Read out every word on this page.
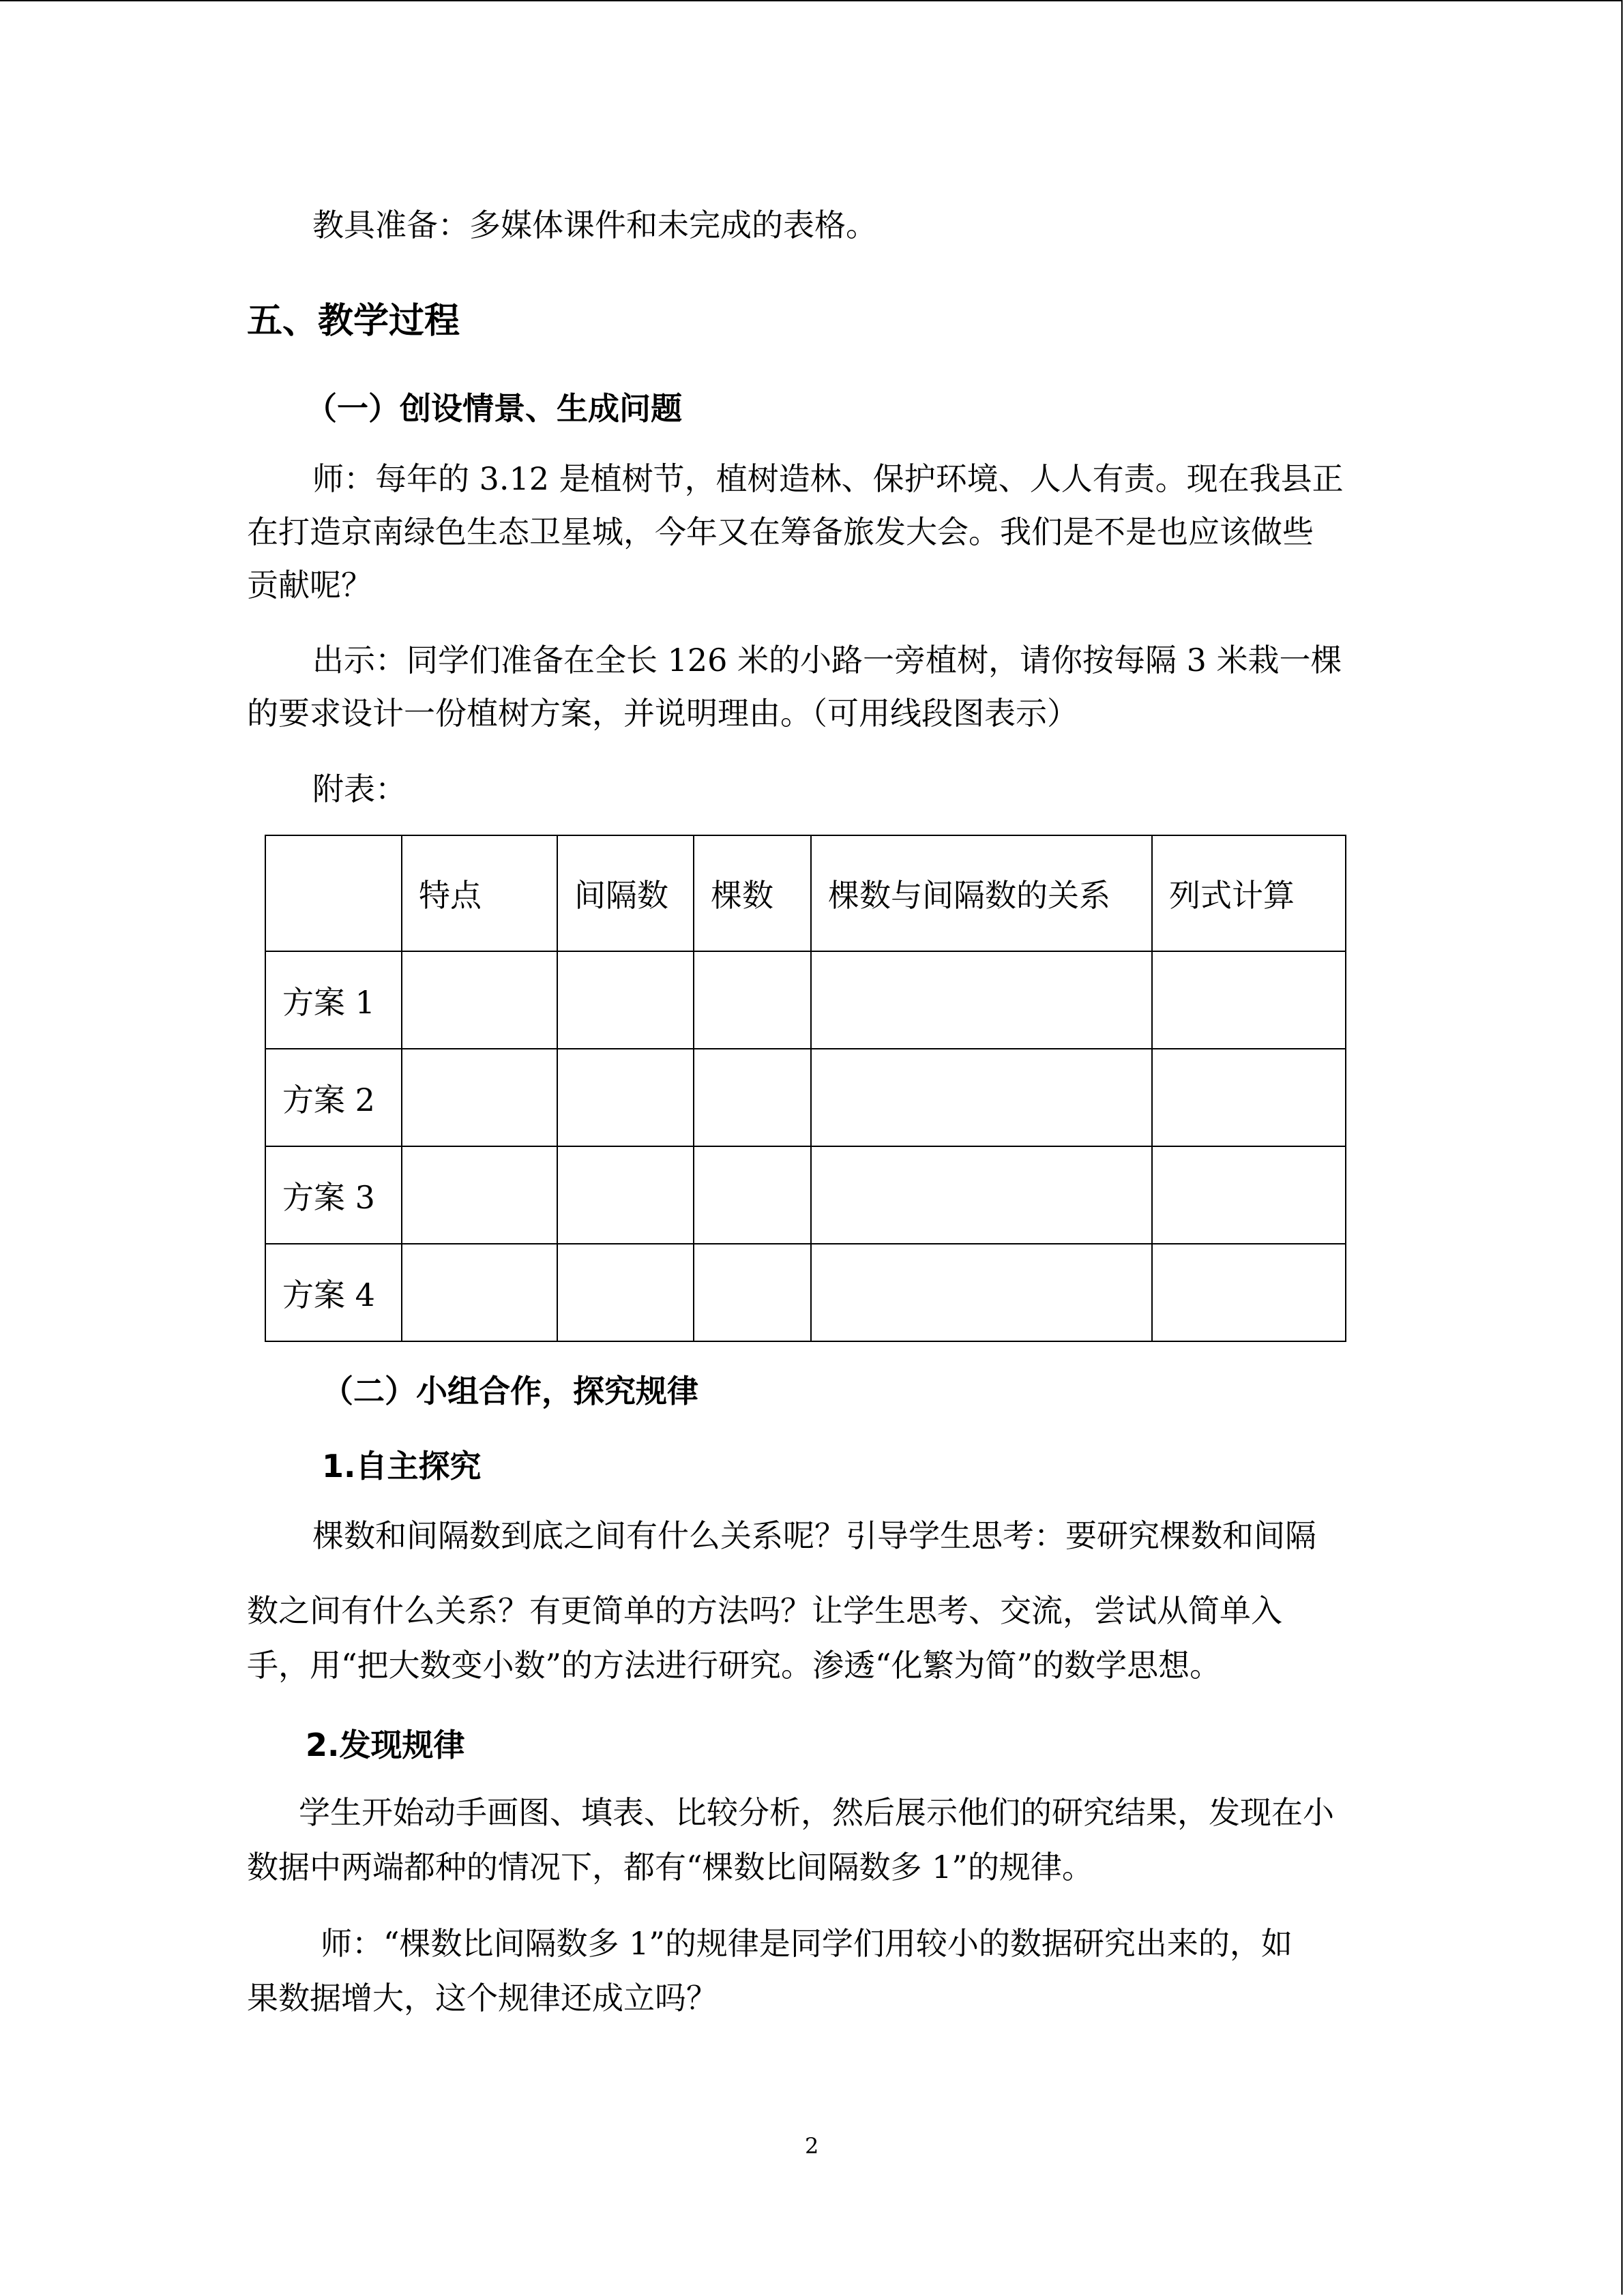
教具准备：多媒体课件和未完成的表格。
五、教学过程
（一）创设情景、生成问题
师：每年的 3.12 是植树节，植树造林、保护环境、人人有责。现在我县正
在打造京南绿色生态卫星城，今年又在筹备旅发大会。我们是不是也应该做些
贡献呢？
出示：同学们准备在全长 126 米的小路一旁植树，请你按每隔 3 米栽一棵
的要求设计一份植树方案，并说明理由。（可用线段图表示）
附表：
	特点	间隔数	棵数	棵数与间隔数的关系	列式计算
方案 1					
方案 2					
方案 3					
方案 4					
（二）小组合作，探究规律
1.自主探究
棵数和间隔数到底之间有什么关系呢？引导学生思考：要研究棵数和间隔
数之间有什么关系？有更简单的方法吗？让学生思考、交流，尝试从简单入
手，用“把大数变小数”的方法进行研究。渗透“化繁为简”的数学思想。
2.发现规律
学生开始动手画图、填表、比较分析，然后展示他们的研究结果，发现在小
数据中两端都种的情况下，都有“棵数比间隔数多 1”的规律。
师：“棵数比间隔数多 1”的规律是同学们用较小的数据研究出来的，如
果数据增大，这个规律还成立吗？
2
